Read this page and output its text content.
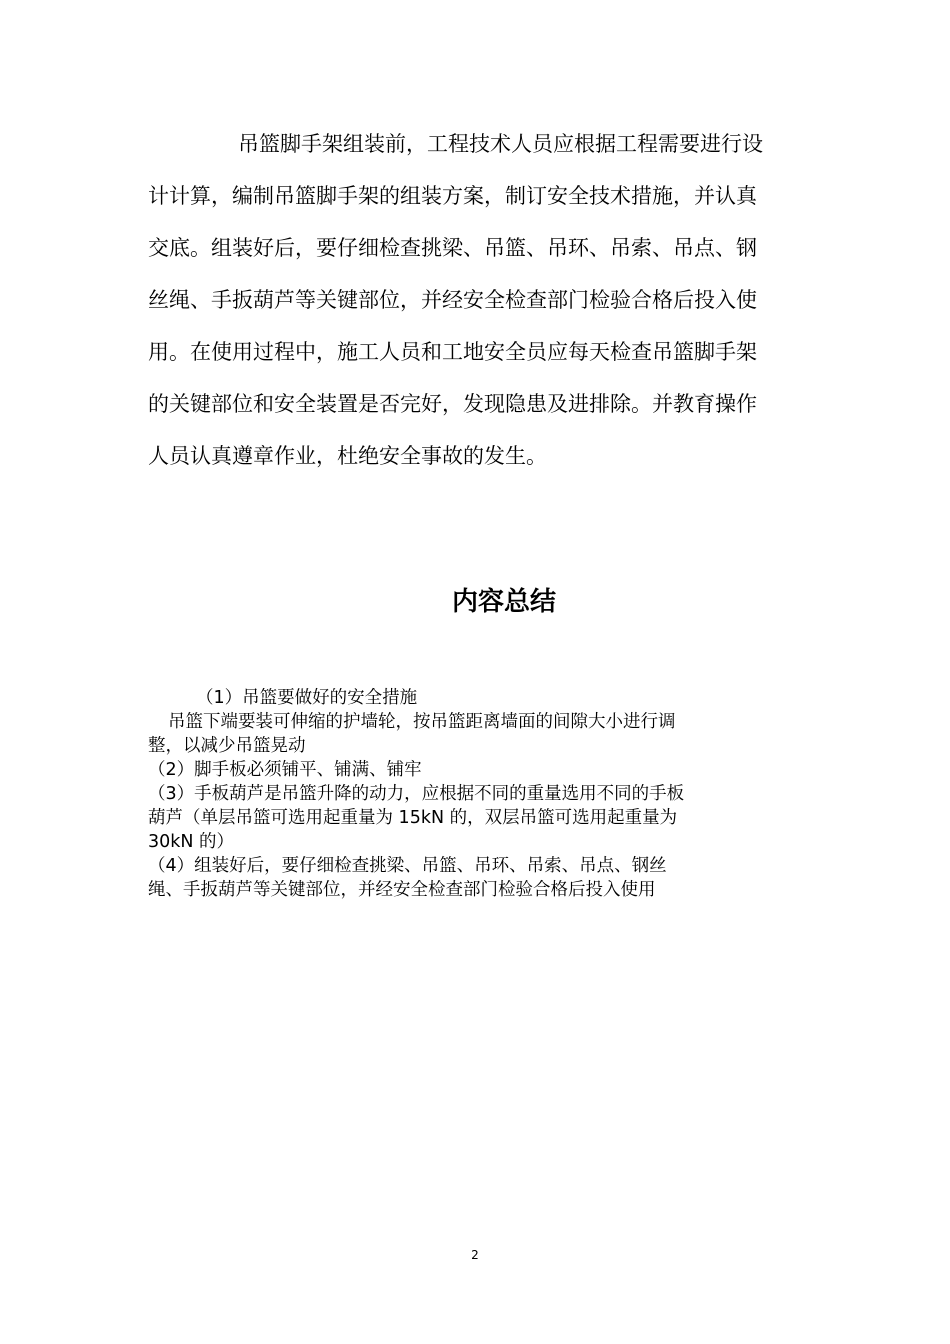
吊篮脚手架组装前，工程技术人员应根据工程需要进行设
计计算，编制吊篮脚手架的组装方案，制订安全技术措施，并认真
交底。组装好后，要仔细检查挑梁、吊篮、吊环、吊索、吊点、钢
丝绳、手扳葫芦等关键部位，并经安全检查部门检验合格后投入使
用。在使用过程中，施工人员和工地安全员应每天检查吊篮脚手架
的关键部位和安全装置是否完好，发现隐患及进排除。并教育操作
人员认真遵章作业，杜绝安全事故的发生。
内容总结
（1）吊篮要做好的安全措施
吊篮下端要装可伸缩的护墙轮，按吊篮距离墙面的间隙大小进行调
整，以减少吊篮晃动
（2）脚手板必须铺平、铺满、铺牢
（3）手板葫芦是吊篮升降的动力，应根据不同的重量选用不同的手板
葫芦（单层吊篮可选用起重量为 15kN 的，双层吊篮可选用起重量为
30kN 的）
（4）组装好后，要仔细检查挑梁、吊篮、吊环、吊索、吊点、钢丝
绳、手扳葫芦等关键部位，并经安全检查部门检验合格后投入使用
2
